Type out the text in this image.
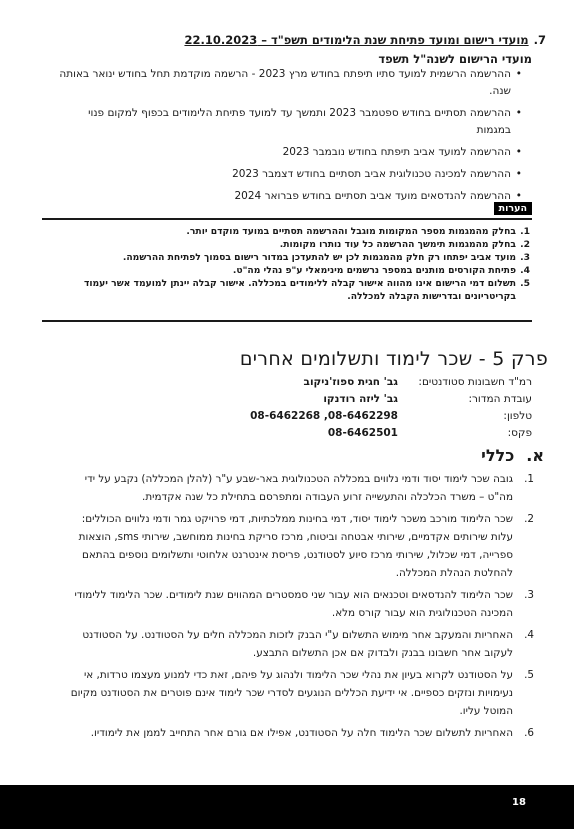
7.מועדי רישום ומועד פתיחת שנת הלימודים תשפ"ד – 22.10.2023
מועדי הרישום לשנה"ל תשפד
• ההרשמה הרשמית למועד סתיו תיפתח בחודש מרץ 2023 - הרשמה מוקדמת תחל בחודש ינואר באותה שנה.
• ההרשמה תסתיים בחודש ספטמבר 2023 ותמשך עד למועד פתיחת הלימודים בכפוף למקום פנוי במגמות
• ההרשמה למועד אביב תיפתח בחודש נובמבר 2023
• ההרשמה למכינה טכנולוגית אביב תסתיים בחודש דצמבר 2023
• ההרשמה להנדסאים מועד אביב תסתיים בחודש פברואר 2024
הערות
1.
בחלק מהמגמות מספר המקומות מוגבל וההרשמה תסתיים במועד מוקדם יותר.
2.
בחלק מהמגמות תימשך ההרשמה כל עוד נותרו מקומות.
3.
מועד אביב יפתחו רק חלק מהמגמות לכן יש להתעדכן במדור רישום בסמוך לפתיחת ההרשמה.
4.
פתיחת הקורסים מותנים במספר נרשמים מינימאלי ע"פ נהלי מה"ט.
5.
תשלום דמי הרישום אינו מהווה אישור קבלה ללימודים במכללה. אישור קבלה יינתן למועמד אשר יעמוד בקריטריונים ובדרישות הקבלה למכללה.
פרק 5 - שכר לימוד ותשלומים אחרים
רמ"ד חשבונות סטודנטים:
גב' חגית ספוז'ניקוב
עובדת המדור:
גב' ליזה רודנקו
טלפון:
08-6462268 ,08-6462298
פקס:
08-6462501
א.כללי
1.
גובה שכר לימוד יסוד ודמי נלווים במכללה הטכנולוגית באר-שבע ע"ר (להלן המכללה) נקבע על ידי מה"ט – משרד הכלכלה והתעשייה זרוע העבודה ומתפרסם בתחילת כל שנה אקדמית.
2.
שכר הלימוד מורכב משכר לימוד יסוד, דמי בחינות ממלכתיות, דמי פרויקט גמר ודמי נלווים הכוללים: עלות שירותים אקדמיים, שירותי אבטחה וביטוח, מרכז סריקת בחינות ממוחשב, שירותי sms, הוצאות ספרייה, דמי שכלול, שירותי מרכז סיוע לסטודנט, פריסת אינטרנט אלחוטי ותשלומים נוספים בהתאם להחלטת הנהלת המכללה.
3.
שכר הלימוד להנדסאים וטכנאים הוא עבור שני סמסטרים המהווים שנת לימודים. שכר הלימוד ללימודי המכינה הטכנולוגית הוא עבור קורס מלא.
4.
האחריות והמעקב אחר מימוש התשלום ע"י הבנק לזכות המכללה חלים על הסטודנט. על הסטודנט לעקוב אחר חשבונו בבנק ולבדוק אם אכן התשלום התבצע.
5.
על הסטודנט לקרוא בעיון את נהלי שכר הלימוד ולנהוג על פיהם, זאת כדי למנוע מעצמו טרדות, אי נעימויות ונזקים כספיים. אי ידיעת הכללים הנוגעים לסדרי שכר לימוד אינם פוטרים את הסטודנט מקיום המוטל עליו.
6.
האחריות לתשלום שכר הלימוד חלה על הסטודנט, אפילו אם גורם אחר התחייב לממן את לימודיו.
18
